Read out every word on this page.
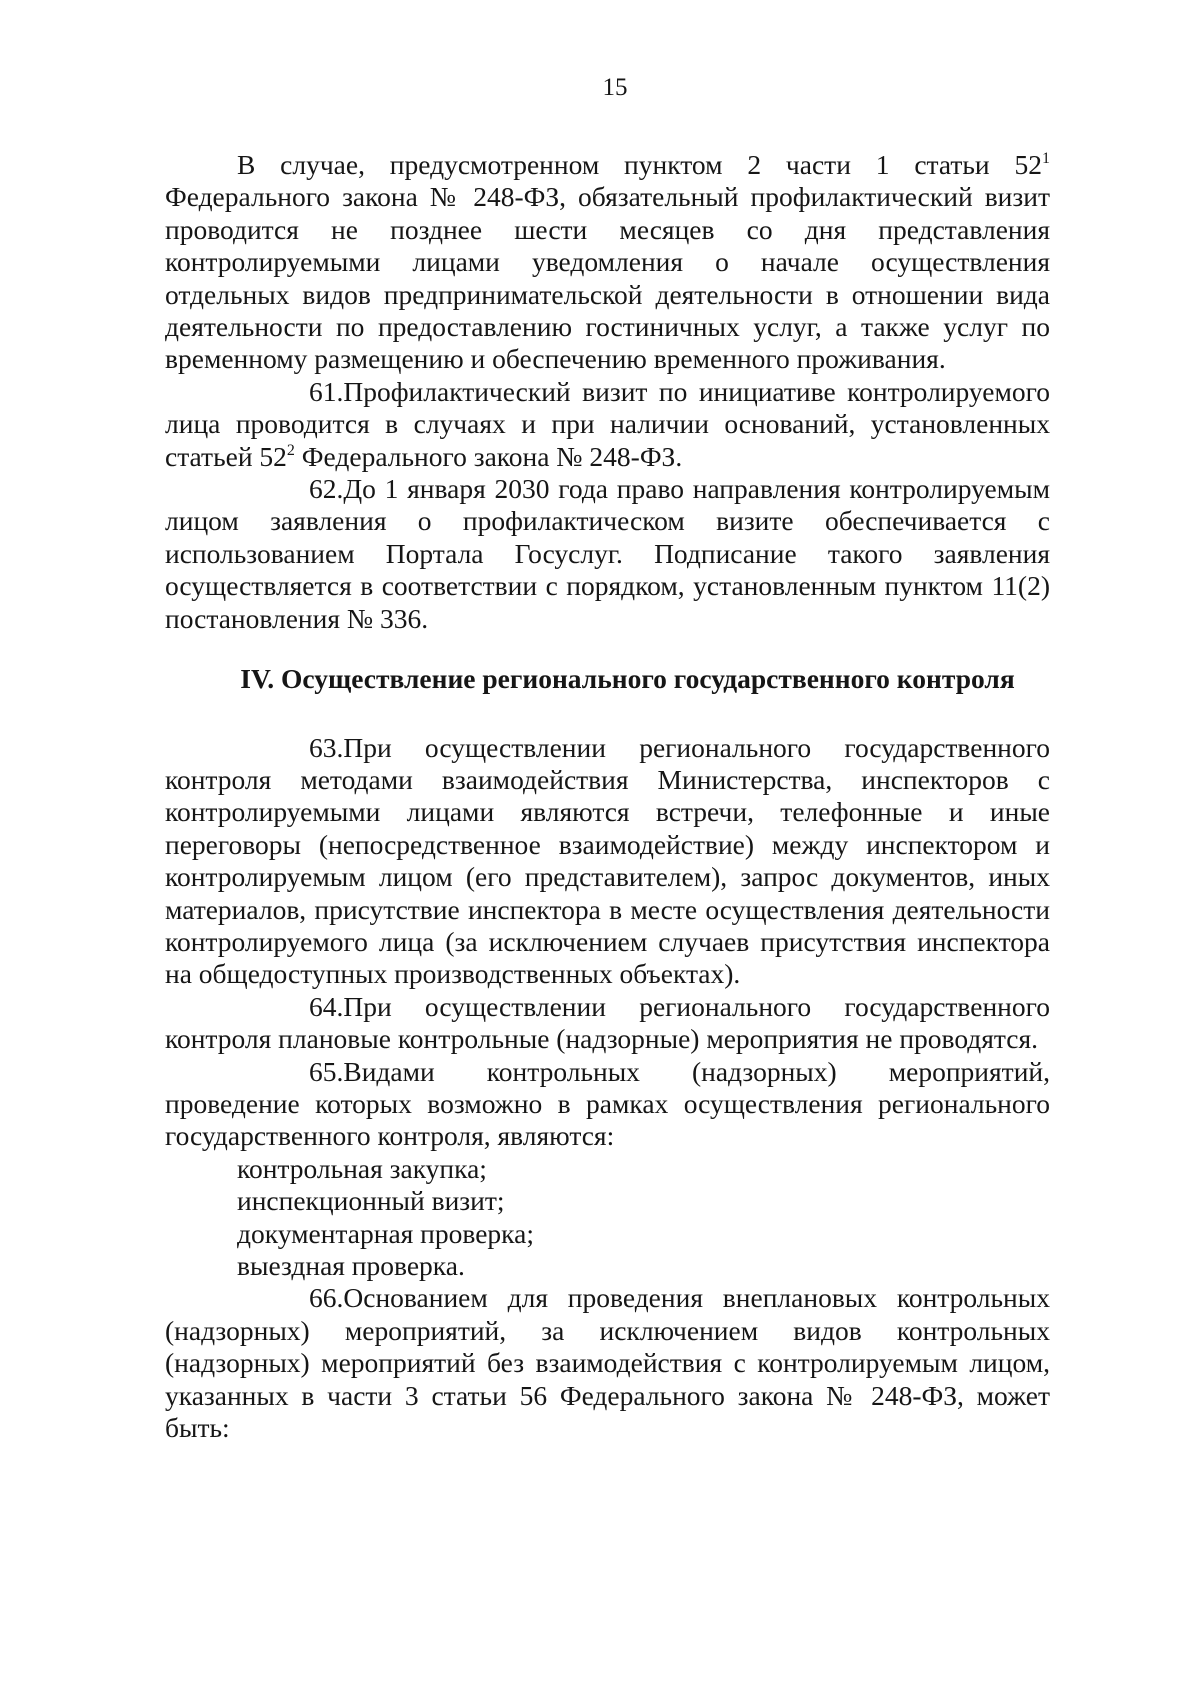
15

В случае, предусмотренном пунктом 2 части 1 статьи $52^1$ Федерального закона № 248-ФЗ, обязательный профилактический визит проводится не позднее шести месяцев со дня представления контролируемыми лицами уведомления о начале осуществления отдельных видов предпринимательской деятельности в отношении вида деятельности по предоставлению гостиничных услуг, а также услуг по временному размещению и обеспечению временного проживания.

61.Профилактический визит по инициативе контролируемого лица проводится в случаях и при наличии оснований, установленных статьей $52^2$ Федерального закона № 248-ФЗ.

62.До 1 января 2030 года право направления контролируемым лицом заявления о профилактическом визите обеспечивается с использованием Портала Госуслуг. Подписание такого заявления осуществляется в соответствии с порядком, установленным пунктом 11(2) постановления № 336.

IV. Осуществление регионального государственного контроля

63.При осуществлении регионального государственного контроля методами взаимодействия Министерства, инспекторов с контролируемыми лицами являются встречи, телефонные и иные переговоры (непосредственное взаимодействие) между инспектором и контролируемым лицом (его представителем), запрос документов, иных материалов, присутствие инспектора в месте осуществления деятельности контролируемого лица (за исключением случаев присутствия инспектора на общедоступных производственных объектах).

64.При осуществлении регионального государственного контроля плановые контрольные (надзорные) мероприятия не проводятся.

65.Видами контрольных (надзорных) мероприятий, проведение которых возможно в рамках осуществления регионального государственного контроля, являются:

контрольная закупка;

инспекционный визит;

документарная проверка;

выездная проверка.

66.Основанием для проведения внеплановых контрольных (надзорных) мероприятий, за исключением видов контрольных (надзорных) мероприятий без взаимодействия с контролируемым лицом, указанных в части 3 статьи 56 Федерального закона № 248-ФЗ, может быть:
